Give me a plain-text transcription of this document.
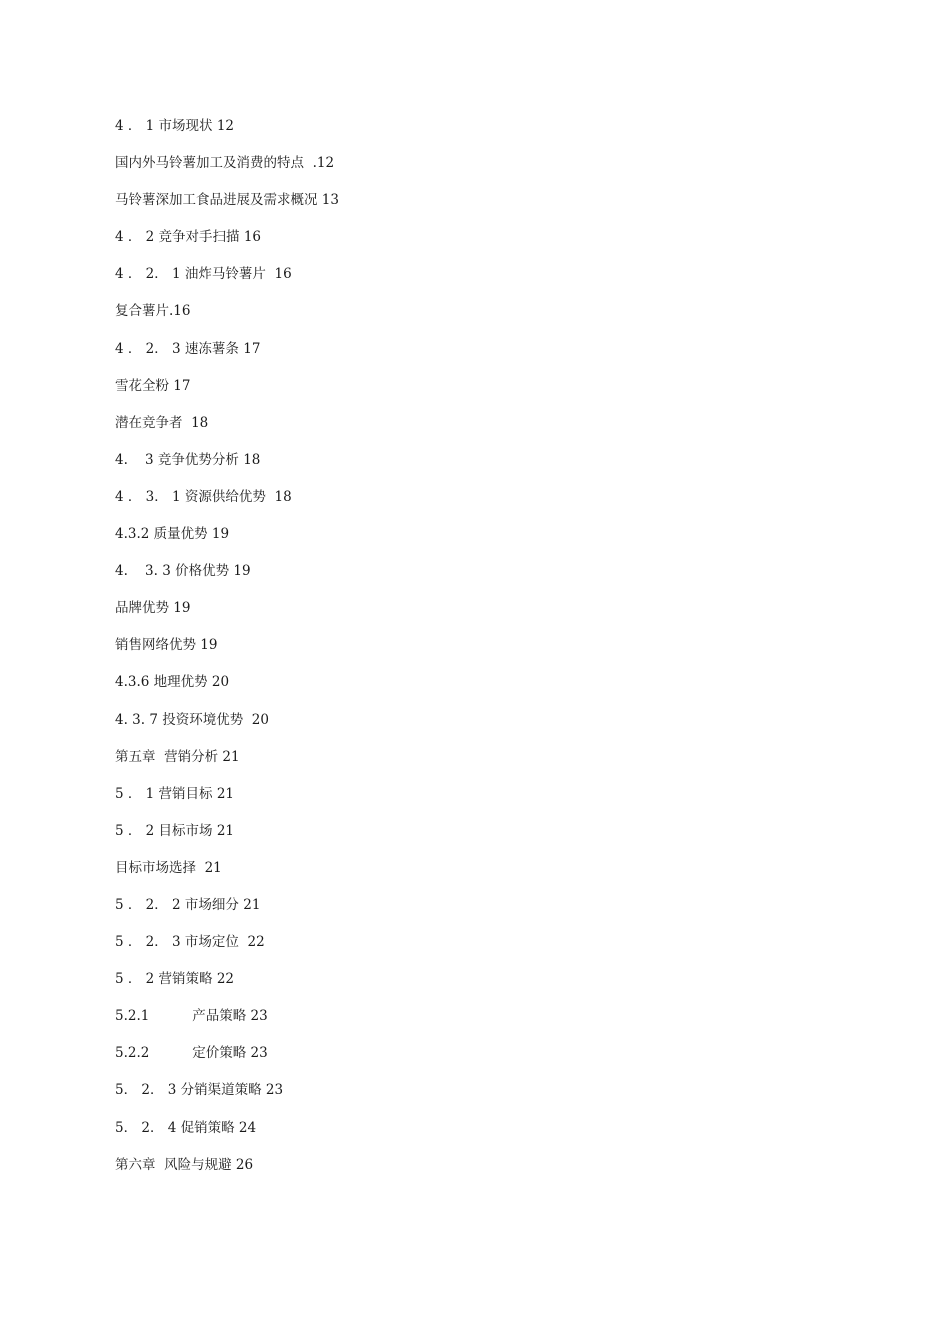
4 ． 1 市场现状 12
国内外马铃薯加工及消费的特点  .12
马铃薯深加工食品进展及需求概况 13
4 ． 2 竞争对手扫描 16
4 ． 2． 1 油炸马铃薯片  16
复合薯片.16
4 ． 2． 3 速冻薯条 17
雪花全粉 17
潜在竞争者  18
4.    3 竞争优势分析 18
4 ． 3． 1 资源供给优势  18
4.3.2 质量优势 19
4.    3. 3 价格优势 19
品牌优势 19
销售网络优势 19
4.3.6 地理优势 20
4. 3. 7 投资环境优势  20
第五章  营销分析 21
5 ． 1 营销目标 21
5 ． 2 目标市场 21
目标市场选择  21
5 ． 2． 2 市场细分 21
5 ． 2． 3 市场定位  22
5 ． 2 营销策略 22
5.2.1          产品策略 23
5.2.2          定价策略 23
5． 2． 3 分销渠道策略 23
5． 2． 4 促销策略 24
第六章  风险与规避 26
